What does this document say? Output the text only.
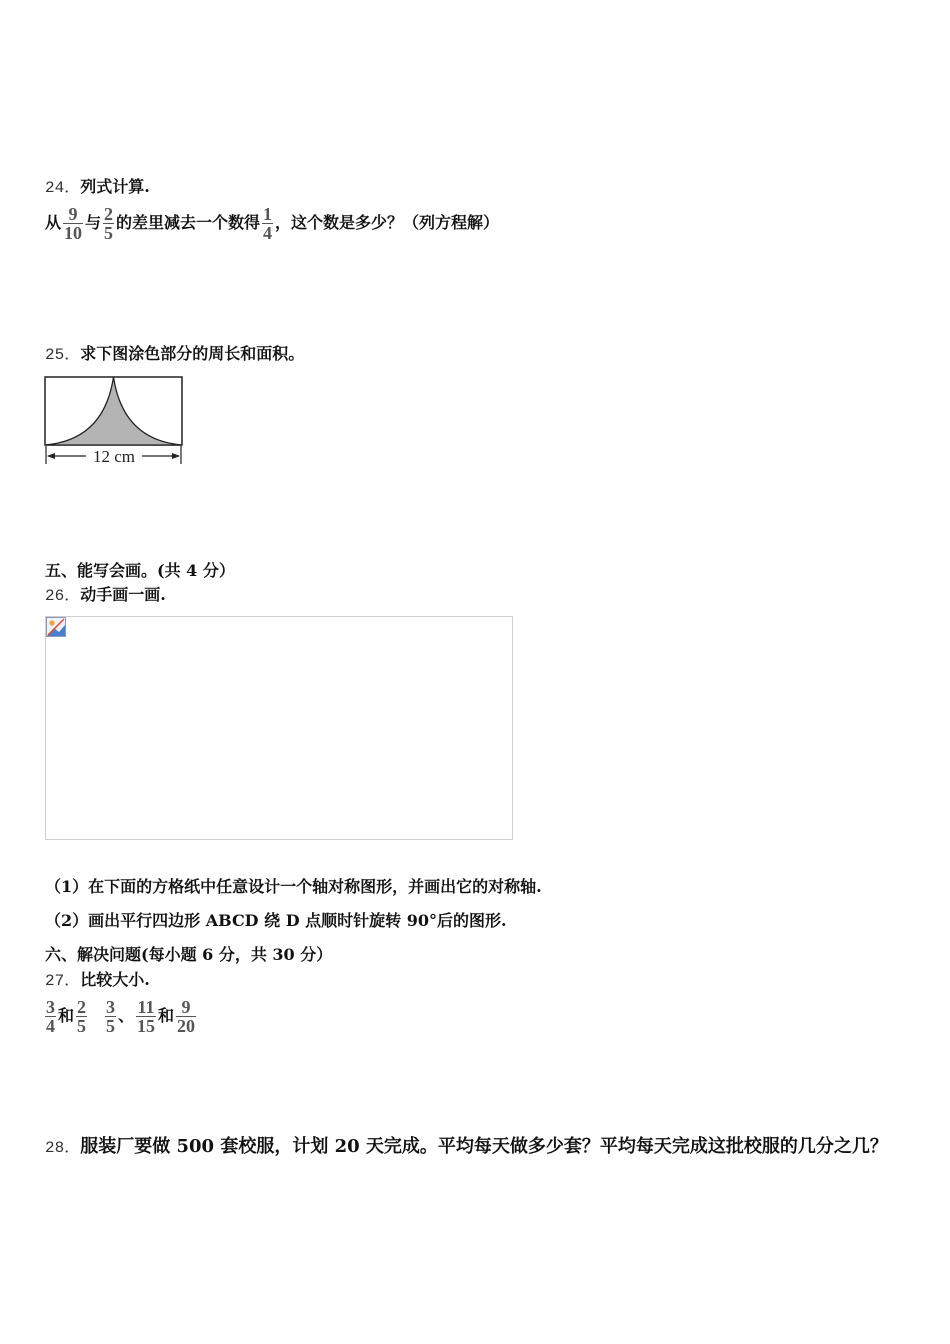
24．列式计算.
从 $\frac{9}{10}$ 与 $\frac{2}{5}$ 的差里减去一个数得 $\frac{1}{4}$ ，这个数是多少？（列方程解）
25．求下图涂色部分的周长和面积。
12 cm
五、能写会画。(共 4 分）
26．动手画一画.
（1）在下面的方格纸中任意设计一个轴对称图形，并画出它的对称轴.
（2）画出平行四边形 ABCD 绕 D 点顺时针旋转 90°后的图形.
六、解决问题(每小题 6 分，共 30 分）
27．比较大小.
$\frac{3}{4}$ 和 $\frac{2}{5} \frac{3}{5}$ 、 $\frac{11}{15}$ 和 $\frac{9}{20}$
28．服装厂要做 500 套校服，计划 20 天完成。平均每天做多少套？平均每天完成这批校服的几分之几？
